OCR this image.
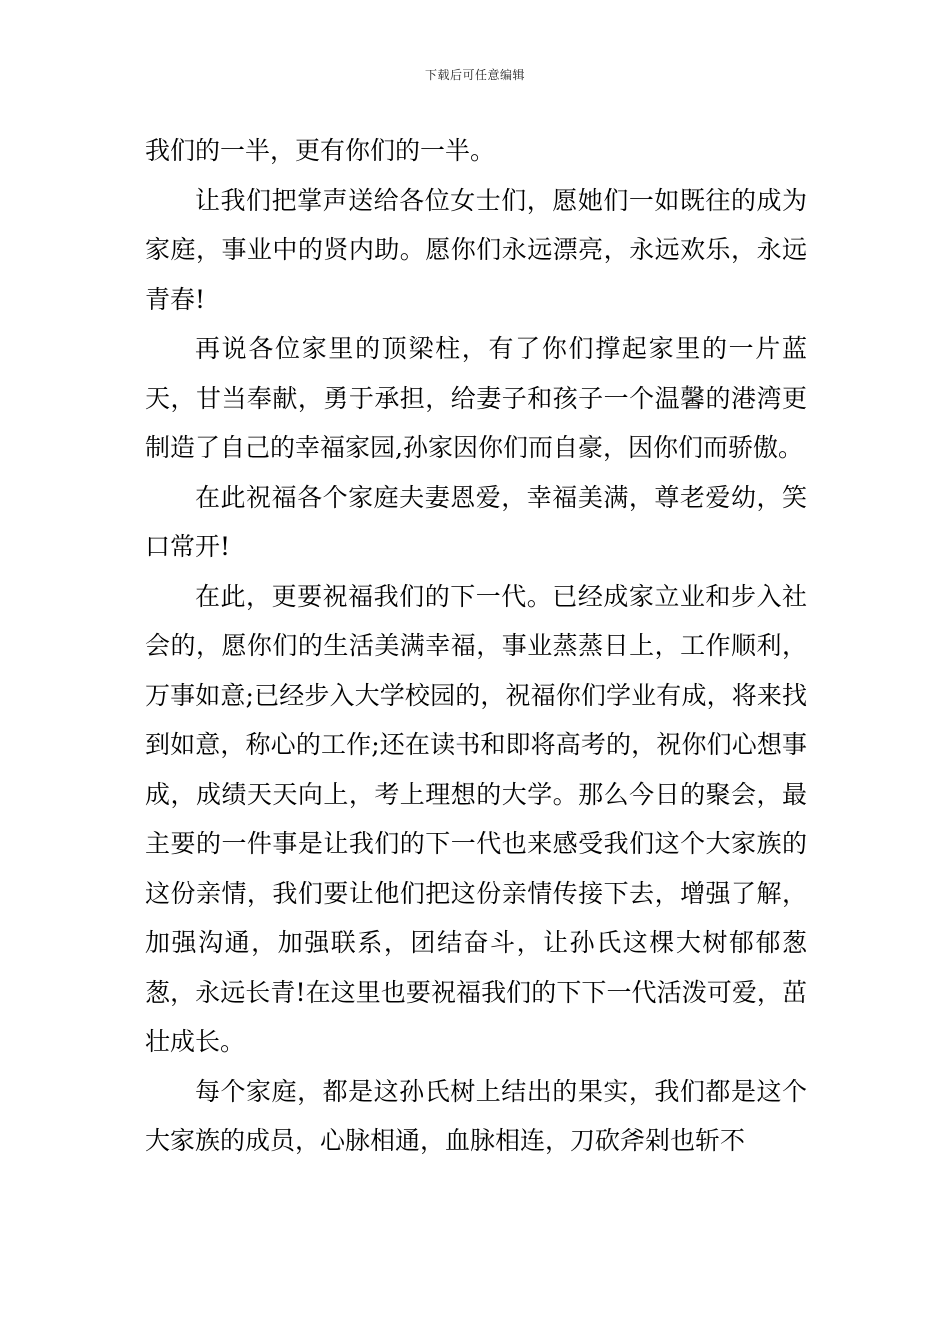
下载后可任意编辑

我们的一半，更有你们的一半。

让我们把掌声送给各位女士们，愿她们一如既往的成为家庭，事业中的贤内助。愿你们永远漂亮，永远欢乐，永远青春!

再说各位家里的顶梁柱，有了你们撑起家里的一片蓝天，甘当奉献，勇于承担，给妻子和孩子一个温馨的港湾更制造了自己的幸福家园,孙家因你们而自豪，因你们而骄傲。

在此祝福各个家庭夫妻恩爱，幸福美满，尊老爱幼，笑口常开!

在此，更要祝福我们的下一代。已经成家立业和步入社会的，愿你们的生活美满幸福，事业蒸蒸日上，工作顺利，万事如意;已经步入大学校园的，祝福你们学业有成，将来找到如意，称心的工作;还在读书和即将高考的，祝你们心想事成，成绩天天向上，考上理想的大学。那么今日的聚会，最主要的一件事是让我们的下一代也来感受我们这个大家族的这份亲情，我们要让他们把这份亲情传接下去，增强了解，加强沟通，加强联系，团结奋斗，让孙氏这棵大树郁郁葱葱，永远长青!在这里也要祝福我们的下下一代活泼可爱，茁壮成长。

每个家庭，都是这孙氏树上结出的果实，我们都是这个大家族的成员，心脉相通，血脉相连，刀砍斧剁也斩不
